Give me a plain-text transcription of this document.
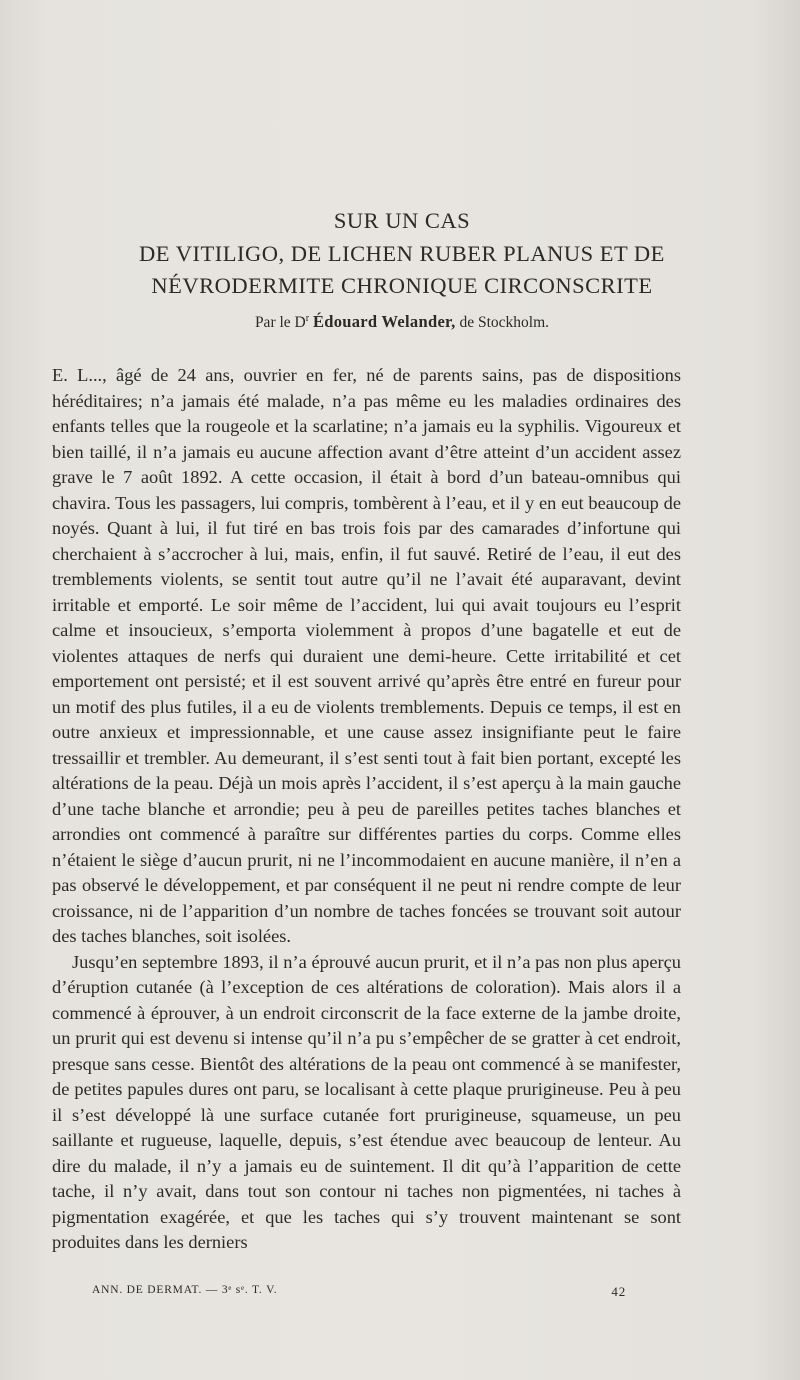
SUR UN CAS
DE VITILIGO, DE LICHEN RUBER PLANUS ET DE
NÉVRODERMITE CHRONIQUE CIRCONSCRITE
Par le $D^r$ Édouard Welander, de Stockholm.

E. L..., âgé de 24 ans, ouvrier en fer, né de parents sains, pas de dispositions héréditaires; n’a jamais été malade, n’a pas même eu les maladies ordinaires des enfants telles que la rougeole et la scarlatine; n’a jamais eu la syphilis. Vigoureux et bien taillé, il n’a jamais eu aucune affection avant d’être atteint d’un accident assez grave le 7 août 1892. A cette occasion, il était à bord d’un bateau-omnibus qui chavira. Tous les passagers, lui compris, tombèrent à l’eau, et il y en eut beaucoup de noyés. Quant à lui, il fut tiré en bas trois fois par des camarades d’infortune qui cherchaient à s’accrocher à lui, mais, enfin, il fut sauvé. Retiré de l’eau, il eut des tremblements violents, se sentit tout autre qu’il ne l’avait été auparavant, devint irritable et emporté. Le soir même de l’accident, lui qui avait toujours eu l’esprit calme et insoucieux, s’emporta violemment à propos d’une bagatelle et eut de violentes attaques de nerfs qui duraient une demi-heure. Cette irritabilité et cet emportement ont persisté; et il est souvent arrivé qu’après être entré en fureur pour un motif des plus futiles, il a eu de violents tremblements. Depuis ce temps, il est en outre anxieux et impressionnable, et une cause assez insignifiante peut le faire tressaillir et trembler. Au demeurant, il s’est senti tout à fait bien portant, excepté les altérations de la peau. Déjà un mois après l’accident, il s’est aperçu à la main gauche d’une tache blanche et arrondie; peu à peu de pareilles petites taches blanches et arrondies ont commencé à paraître sur différentes parties du corps. Comme elles n’étaient le siège d’aucun prurit, ni ne l’incommodaient en aucune manière, il n’en a pas observé le développement, et par conséquent il ne peut ni rendre compte de leur croissance, ni de l’apparition d’un nombre de taches foncées se trouvant soit autour des taches blanches, soit isolées.

Jusqu’en septembre 1893, il n’a éprouvé aucun prurit, et il n’a pas non plus aperçu d’éruption cutanée (à l’exception de ces altérations de coloration). Mais alors il a commencé à éprouver, à un endroit circonscrit de la face externe de la jambe droite, un prurit qui est devenu si intense qu’il n’a pu s’empêcher de se gratter à cet endroit, presque sans cesse. Bientôt des altérations de la peau ont commencé à se manifester, de petites papules dures ont paru, se localisant à cette plaque prurigineuse. Peu à peu il s’est développé là une surface cutanée fort prurigineuse, squameuse, un peu saillante et rugueuse, laquelle, depuis, s’est étendue avec beaucoup de lenteur. Au dire du malade, il n’y a jamais eu de suintement. Il dit qu’à l’apparition de cette tache, il n’y avait, dans tout son contour ni taches non pigmentées, ni taches à pigmentation exagérée, et que les taches qui s’y trouvent maintenant se sont produites dans les derniers

ANN. DE DERMAT. — 3ᵉ sᵉ. T. V.	42
